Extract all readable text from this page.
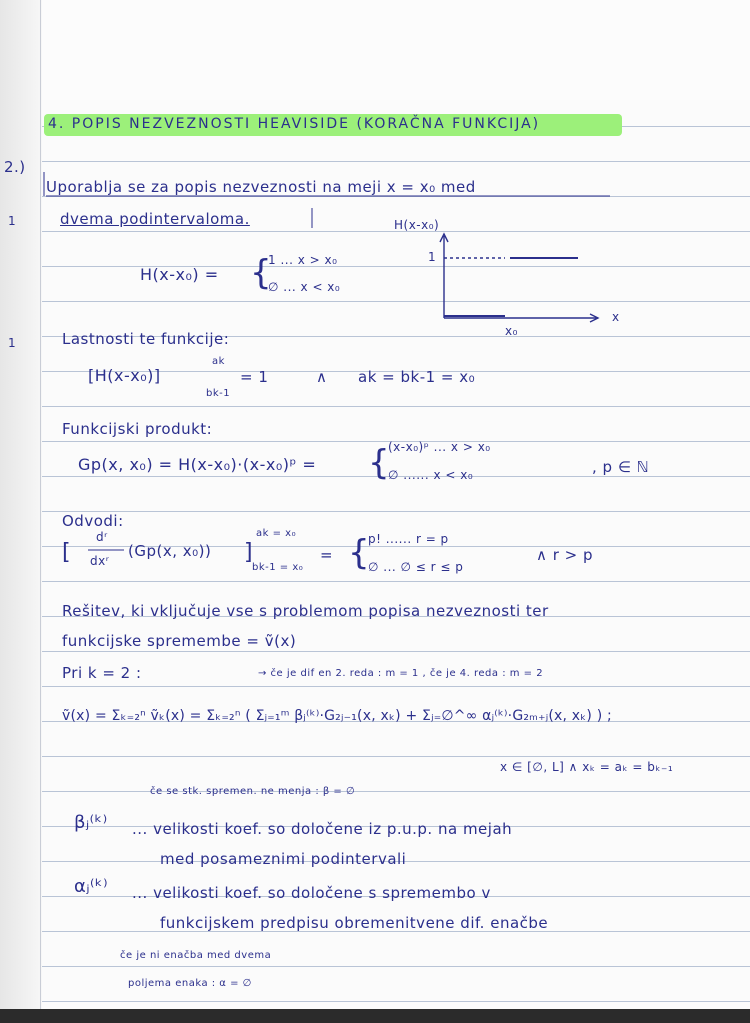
2.)
1
1
4. POPIS NEZVEZNOSTI HEAVISIDE (KORAČNA FUNKCIJA)
Uporablja se za popis nezveznosti na meji x = x₀ med
dvema podintervaloma.
H(x-x₀) = {
1 ... x > x₀
∅ ... x < x₀
H(x-x₀)
1
x₀
x
Lastnosti te funkcije:
[H(x-x₀)]
ak
bk-1
= 1	∧ ak = bk-1 = x₀
Funkcijski produkt:
Gp(x, x₀) = H(x-x₀)·(x-x₀)ᵖ = {
(x-x₀)ᵖ ... x > x₀
∅ ...... x < x₀	, p ∈ ℕ
Odvodi:
dʳ
dxʳ
[	(Gp(x, x₀)) ]
ak = x₀
bk-1 = x₀
= {
p! ...... r = p
∅ ... ∅ ≤ r ≤ p
∧ r > p
Rešitev, ki vključuje vse s problemom popisa nezveznosti ter
funkcijske spremembe = ṽ(x)
Pri k = 2 :	→ če je dif en 2. reda : m = 1 , če je 4. reda : m = 2
ṽ(x) = Σₖ₌₂ⁿ ṽₖ(x) = Σₖ₌₂ⁿ ( Σⱼ₌₁ᵐ βⱼ⁽ᵏ⁾·G₂ⱼ₋₁(x, xₖ) + Σⱼ₌∅^∞ αⱼ⁽ᵏ⁾·G₂ₘ₊ⱼ(x, xₖ) ) ;
x ∈ [∅, L] ∧ xₖ = aₖ = bₖ₋₁
če se stk. spremen. ne menja : β = ∅
βⱼ⁽ᵏ⁾ ... velikosti koef. so določene iz p.u.p. na mejah
med posameznimi podintervali
αⱼ⁽ᵏ⁾ ... velikosti koef. so določene s spremembo v
funkcijskem predpisu obremenitvene dif. enačbe
če je ni enačba med dvema
poljema enaka : α = ∅
